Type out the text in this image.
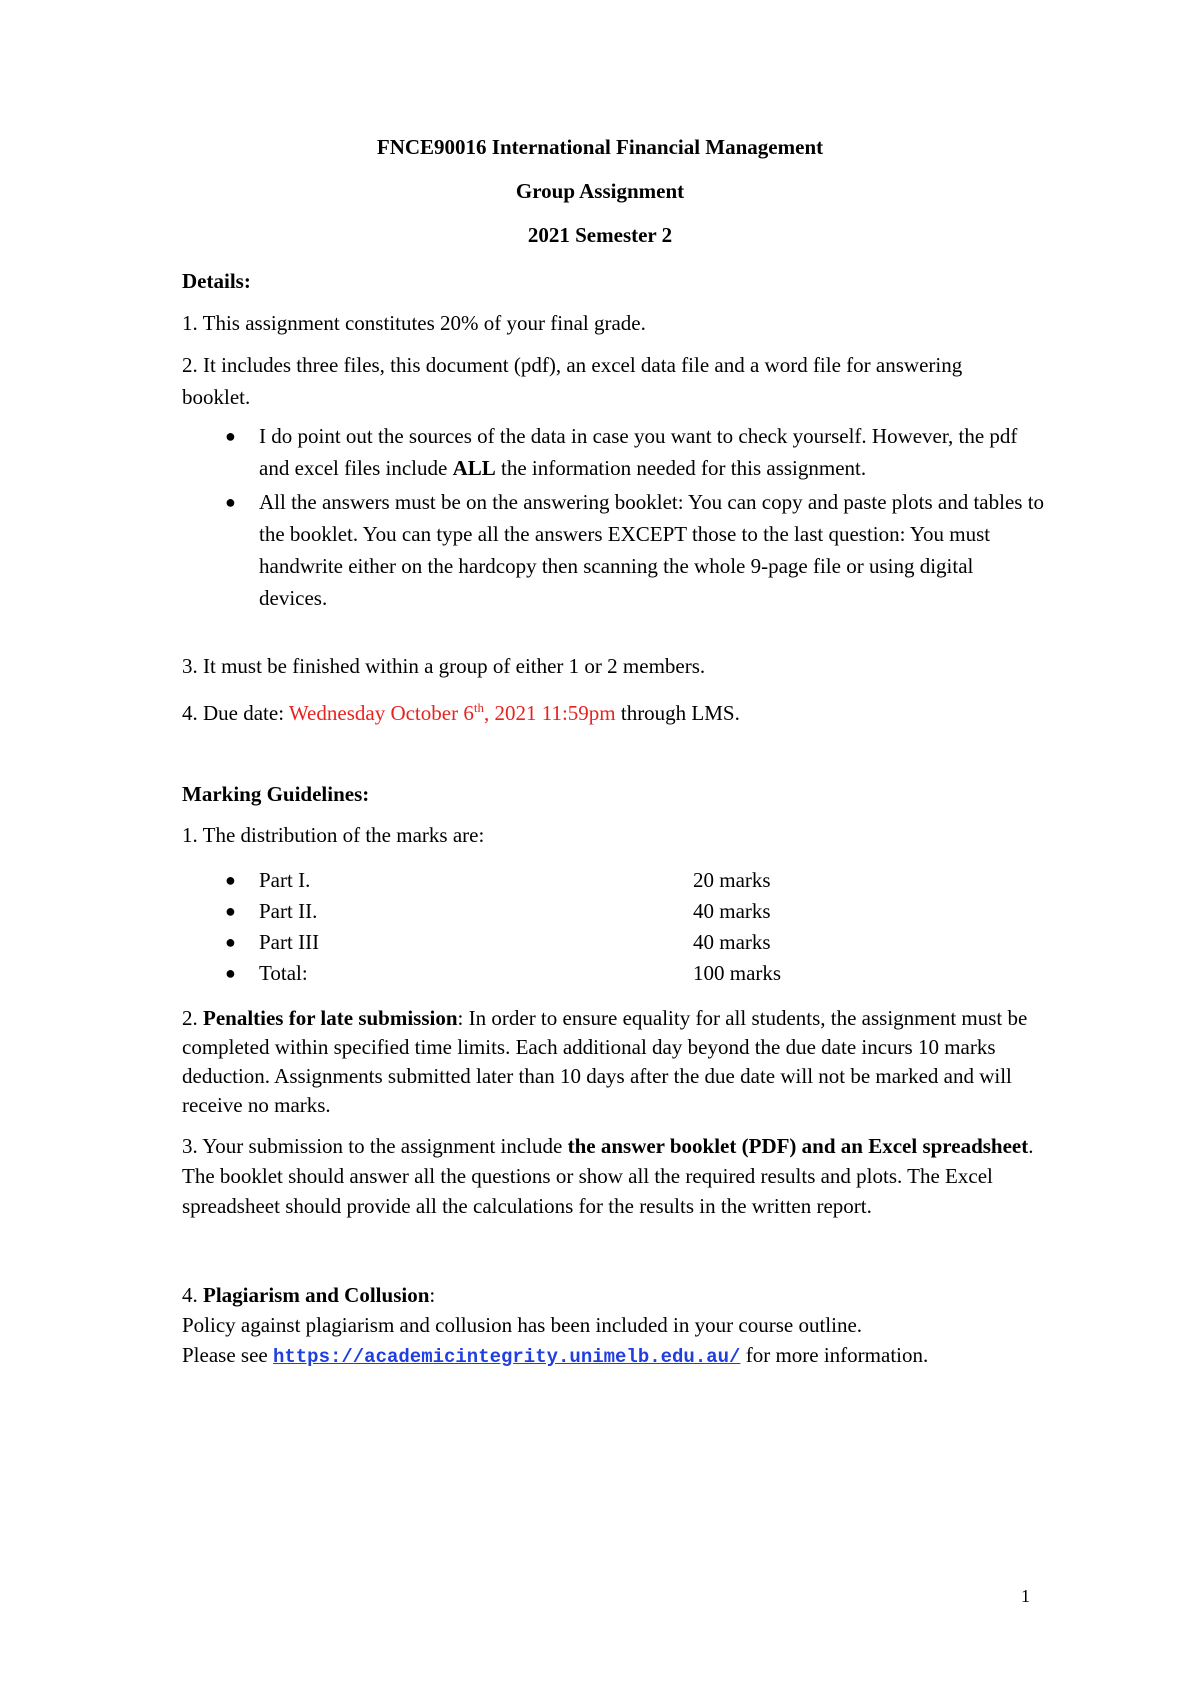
FNCE90016 International Financial Management
Group Assignment
2021 Semester 2
Details:
1. This assignment constitutes 20% of your final grade.
2. It includes three files, this document (pdf), an excel data file and a word file for answering booklet.
● I do point out the sources of the data in case you want to check yourself. However, the pdf and excel files include ALL the information needed for this assignment.
● All the answers must be on the answering booklet: You can copy and paste plots and tables to the booklet. You can type all the answers EXCEPT those to the last question: You must handwrite either on the hardcopy then scanning the whole 9-page file or using digital devices.
3. It must be finished within a group of either 1 or 2 members.
4. Due date: Wednesday October 6th, 2021 11:59pm through LMS.
Marking Guidelines:
1. The distribution of the marks are:
● Part I.	20 marks
● Part II.	40 marks
● Part III	40 marks
● Total:	100 marks
2. Penalties for late submission: In order to ensure equality for all students, the assignment must be completed within specified time limits. Each additional day beyond the due date incurs 10 marks deduction. Assignments submitted later than 10 days after the due date will not be marked and will receive no marks.
3. Your submission to the assignment include the answer booklet (PDF) and an Excel spreadsheet. The booklet should answer all the questions or show all the required results and plots. The Excel spreadsheet should provide all the calculations for the results in the written report.
4. Plagiarism and Collusion:
Policy against plagiarism and collusion has been included in your course outline.
Please see https://academicintegrity.unimelb.edu.au/ for more information.
1
